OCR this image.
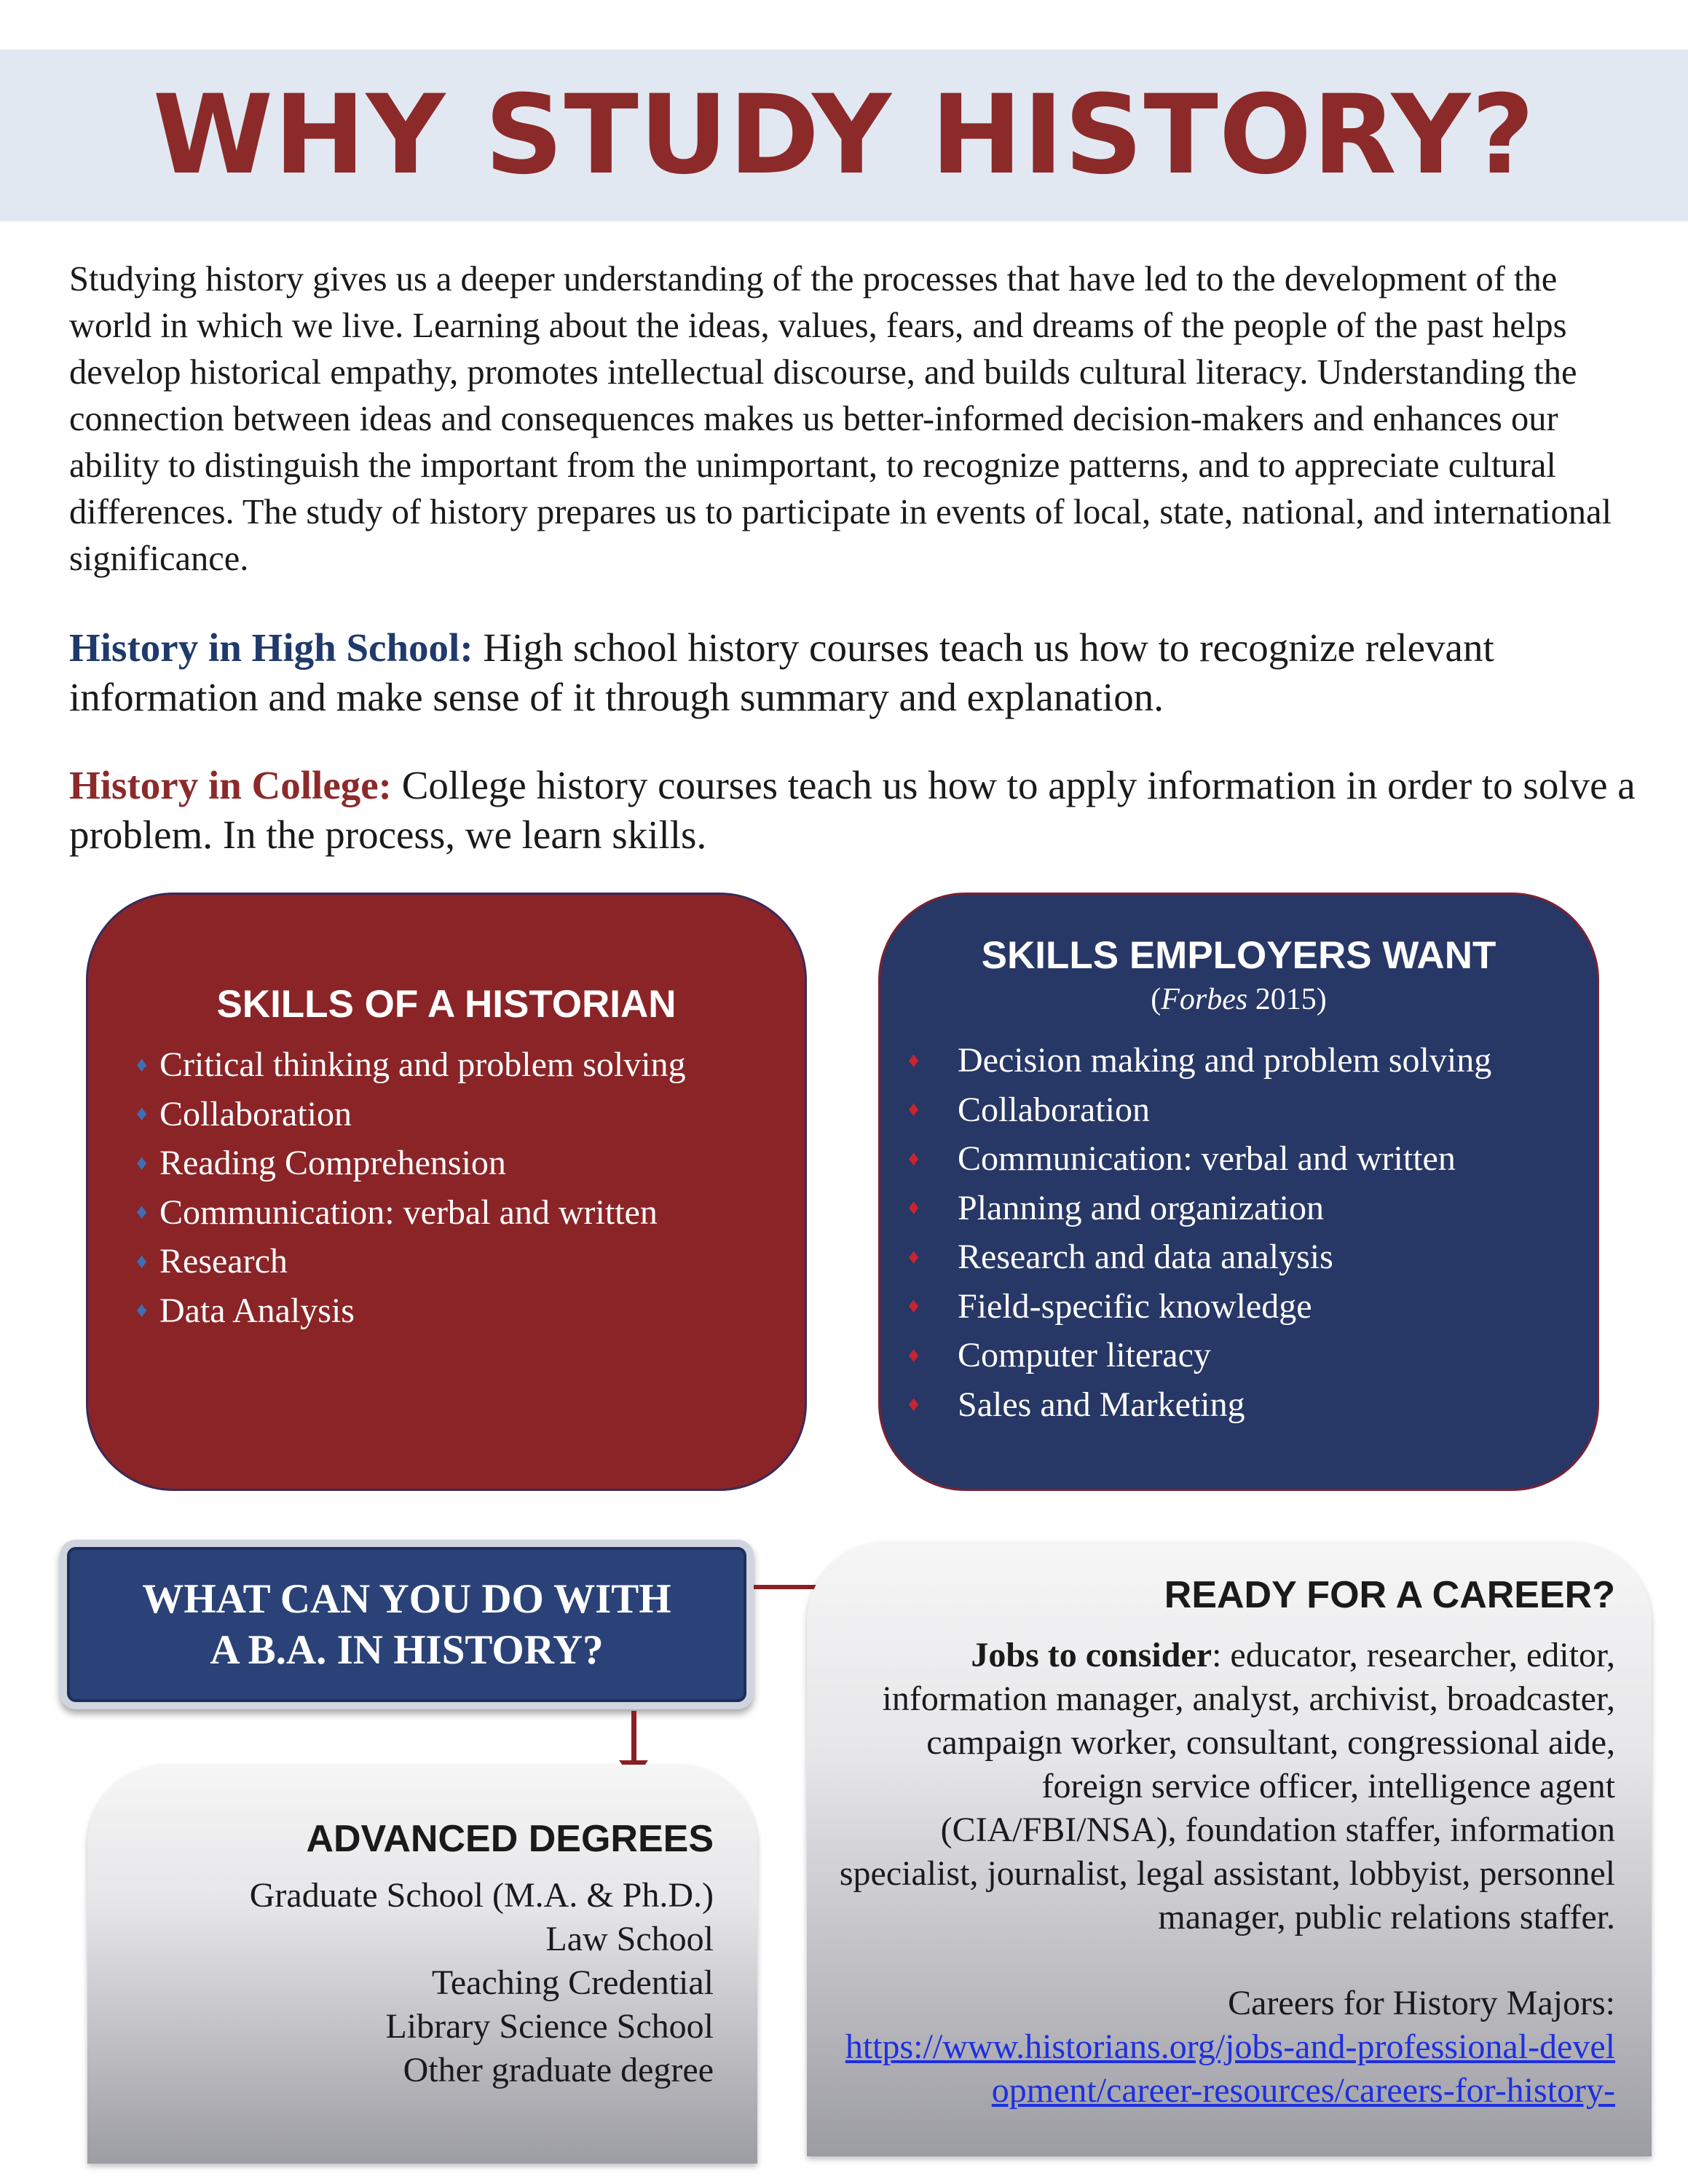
WHY STUDY HISTORY?

Studying history gives us a deeper understanding of the processes that have led to the development of the world in which we live. Learning about the ideas, values, fears, and dreams of the people of the past helps develop historical empathy, promotes intellectual discourse, and builds cultural literacy. Understanding the connection between ideas and consequences makes us better-informed decision-makers and enhances our ability to distinguish the important from the unimportant, to recognize patterns, and to appreciate cultural differences. The study of history prepares us to participate in events of local, state, national, and international significance.

History in High School: High school history courses teach us how to recognize relevant information and make sense of it through summary and explanation.

History in College: College history courses teach us how to apply information in order to solve a problem. In the process, we learn skills.

SKILLS OF A HISTORIAN
♦ Critical thinking and problem solving
♦ Collaboration
♦ Reading Comprehension
♦ Communication: verbal and written
♦ Research
♦ Data Analysis
SKILLS EMPLOYERS WANT
(Forbes 2015)
♦	Decision making and problem solving
♦	Collaboration
♦	Communication: verbal and written
♦	Planning and organization
♦	Research and data analysis
♦	Field-specific knowledge
♦	Computer literacy
♦	Sales and Marketing
WHAT CAN YOU DO WITH
A B.A. IN HISTORY?
ADVANCED DEGREES
Graduate School (M.A. & Ph.D.)
Law School
Teaching Credential
Library Science School
Other graduate degree
READY FOR A CAREER?

Jobs to consider: educator, researcher, editor, information manager, analyst, archivist, broadcaster, campaign worker, consultant, congressional aide, foreign service officer, intelligence agent (CIA/FBI/NSA), foundation staffer, information specialist, journalist, legal assistant, lobbyist, personnel manager, public relations staffer.

Careers for History Majors:

https://www.historians.org/jobs-and-professional-development/career-resources/careers-for-history-
